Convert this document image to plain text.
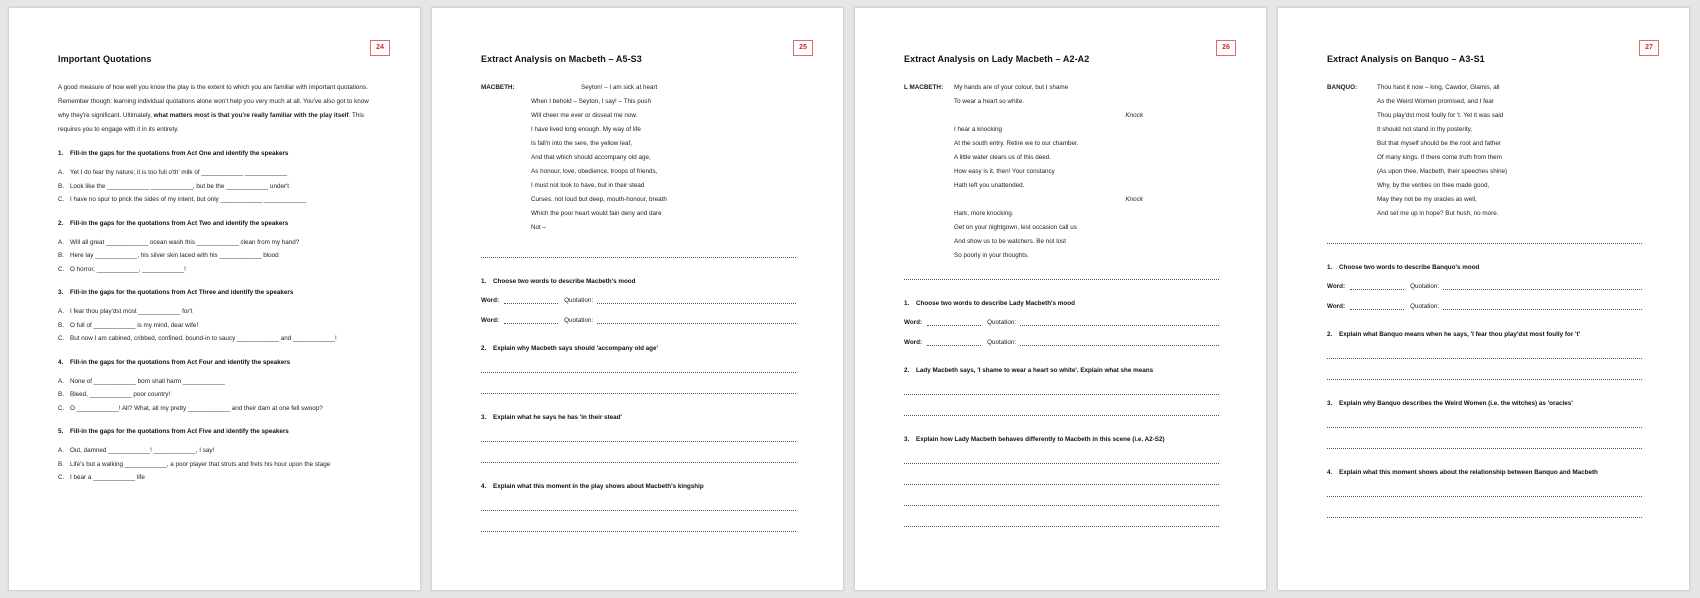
24
Important Quotations
A good measure of how well you know the play is the extent to which you are familiar with important quotations. Remember though: learning individual quotations alone won't help you very much at all. You've also got to know why they're significant. Ultimately, what matters most is that you're really familiar with the play itself. This requires you to engage with it in its entirety.
1. Fill-in the gaps for the quotations from Act One and identify the speakers
A. Yet I do fear thy nature; it is too full o'th' milk of ____________ ____________
B. Look like the ____________ ____________, but be the ____________ under't
C. I have no spur to prick the sides of my intent, but only ____________ ____________
2. Fill-in the gaps for the quotations from Act Two and identify the speakers
A. Will all great ____________ ocean wash this ____________ clean from my hand?
B. Here lay ____________, his silver skin laced with his ____________ blood
C. O horror, ____________, ____________!
3. Fill-in the gaps for the quotations from Act Three and identify the speakers
A. I fear thou play'dst most ____________ for't
B. O full of ____________ is my mind, dear wife!
C. But now I am cabined, cribbed, confined, bound-in to saucy ____________ and ____________!
4. Fill-in the gaps for the quotations from Act Four and identify the speakers
A. None of ____________ born shall harm ____________
B. Bleed, ____________ poor country!
C. O ____________! All? What, all my pretty ____________ and their dam at one fell swoop?
5. Fill-in the gaps for the quotations from Act Five and identify the speakers
A. Out, damned ____________! ____________, I say!
B. Life's but a walking ____________, a poor player that struts and frets his hour upon the stage
C. I bear a ____________ life
25
Extract Analysis on Macbeth – A5-S3
MACBETH:	Seyton! – I am sick at heart
When I behold – Seyton, I say! – This push
Will cheer me ever or disseat me now.
I have lived long enough. My way of life
Is fall'n into the sere, the yellow leaf,
And that which should accompany old age,
As honour, love, obedience, troops of friends,
I must not look to have, but in their stead
Curses, not loud but deep, mouth-honour, breath
Which the poor heart would fain deny and dare
Not –
1. Choose two words to describe Macbeth's mood
Word:	Quotation:
Word:	Quotation:
2. Explain why Macbeth says should 'accompany old age'
3. Explain what he says he has 'in their stead'
4. Explain what this moment in the play shows about Macbeth's kingship
26
Extract Analysis on Lady Macbeth – A2-A2
L MACBETH: My hands are of your colour, but I shame
To wear a heart so white.
Knock
I hear a knocking
At the south entry. Retire we to our chamber.
A little water clears us of this deed.
How easy is it, then! Your constancy
Hath left you unattended.
Knock
Hark, more knocking.
Get on your nightgown, lest occasion call us
And show us to be watchers. Be not lost
So poorly in your thoughts.
1. Choose two words to describe Lady Macbeth's mood
Word:	Quotation:
Word:	Quotation:
2. Lady Macbeth says, 'I shame to wear a heart so white'. Explain what she means
3. Explain how Lady Macbeth behaves differently to Macbeth in this scene (i.e. A2-S2)
27
Extract Analysis on Banquo – A3-S1
BANQUO:	Thou hast it now – king, Cawdor, Glamis, all
As the Weird Women promised, and I fear
Thou play'dst most foully for 't. Yet it was said
It should not stand in thy posterity,
But that myself should be the root and father
Of many kings. If there come truth from them
(As upon thee, Macbeth, their speeches shine)
Why, by the verities on thee made good,
May they not be my oracles as well,
And set me up in hope? But hush, no more.
1. Choose two words to describe Banquo's mood
Word:	Quotation:
Word:	Quotation:
2. Explain what Banquo means when he says, 'I fear thou play'dst most foully for 't'
3. Explain why Banquo describes the Weird Women (i.e. the witches) as 'oracles'
4. Explain what this moment shows about the relationship between Banquo and Macbeth
